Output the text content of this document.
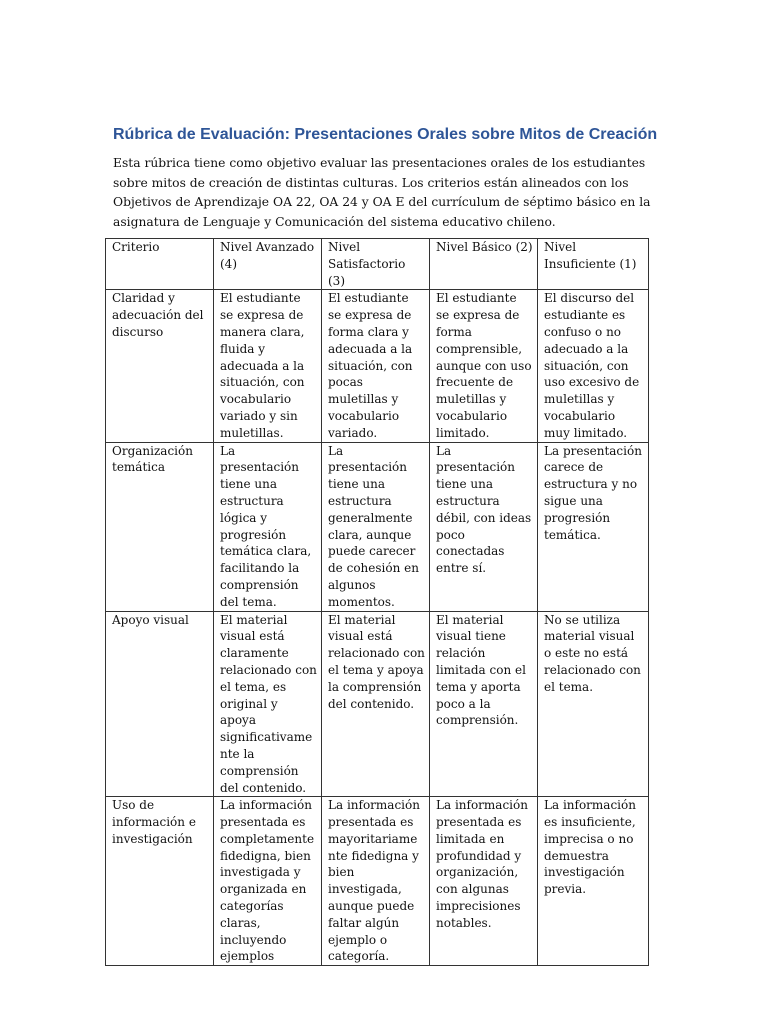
Rúbrica de Evaluación: Presentaciones Orales sobre Mitos de Creación

Esta rúbrica tiene como objetivo evaluar las presentaciones orales de los estudiantes sobre mitos de creación de distintas culturas. Los criterios están alineados con los Objetivos de Aprendizaje OA 22, OA 24 y OA E del currículum de séptimo básico en la asignatura de Lenguaje y Comunicación del sistema educativo chileno.

Criterio	Nivel Avanzado (4)	Nivel Satisfactorio (3)	Nivel Básico (2)	Nivel Insuficiente (1)
Claridad y adecuación del discurso	El estudiante se expresa de manera clara, fluida y adecuada a la situación, con vocabulario variado y sin muletillas.	El estudiante se expresa de forma clara y adecuada a la situación, con pocas muletillas y vocabulario variado.	El estudiante se expresa de forma comprensible, aunque con uso frecuente de muletillas y vocabulario limitado.	El discurso del estudiante es confuso o no adecuado a la situación, con uso excesivo de muletillas y vocabulario muy limitado.
Organización temática	La presentación tiene una estructura lógica y progresión temática clara, facilitando la comprensión del tema.	La presentación tiene una estructura generalmente clara, aunque puede carecer de cohesión en algunos momentos.	La presentación tiene una estructura débil, con ideas poco conectadas entre sí.	La presentación carece de estructura y no sigue una progresión temática.
Apoyo visual	El material visual está claramente relacionado con el tema, es original y apoya significativamente la comprensión del contenido.	El material visual está relacionado con el tema y apoya la comprensión del contenido.	El material visual tiene relación limitada con el tema y aporta poco a la comprensión.	No se utiliza material visual o este no está relacionado con el tema.
Uso de información e investigación	La información presentada es completamente fidedigna, bien investigada y organizada en categorías claras, incluyendo ejemplos	La información presentada es mayoritariamente fidedigna y bien investigada, aunque puede faltar algún ejemplo o categoría.	La información presentada es limitada en profundidad y organización, con algunas imprecisiones notables.	La información es insuficiente, imprecisa o no demuestra investigación previa.
